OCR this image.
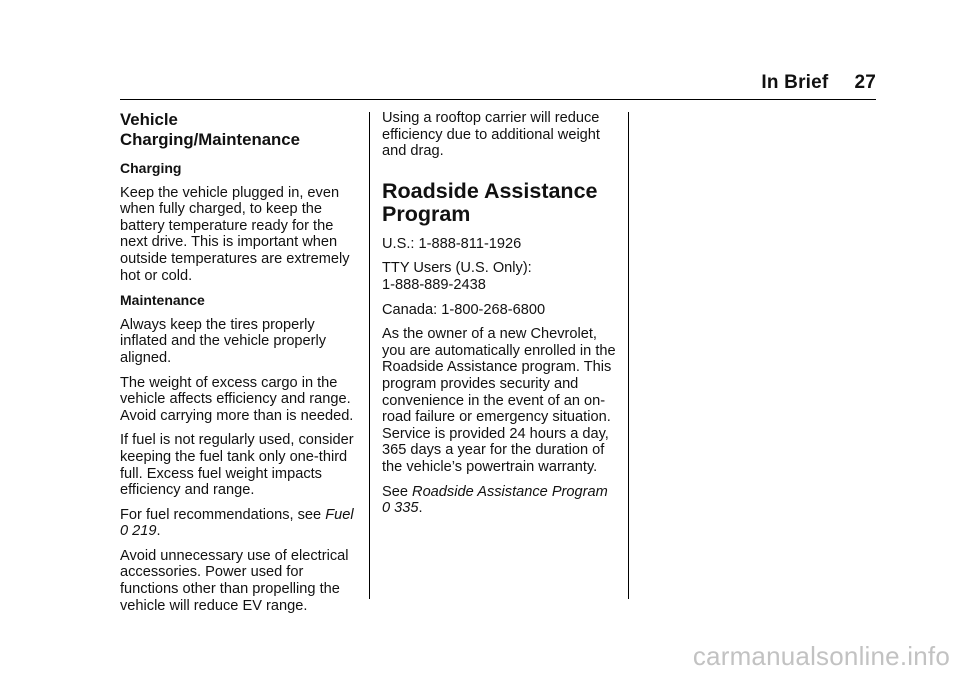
In Brief 27
Vehicle Charging/Maintenance
Charging

Keep the vehicle plugged in, even when fully charged, to keep the battery temperature ready for the next drive. This is important when outside temperatures are extremely hot or cold.

Maintenance

Always keep the tires properly inflated and the vehicle properly aligned.

The weight of excess cargo in the vehicle affects efficiency and range. Avoid carrying more than is needed.

If fuel is not regularly used, consider keeping the fuel tank only one-third full. Excess fuel weight impacts efficiency and range.

For fuel recommendations, see Fuel
0 219.

Avoid unnecessary use of electrical accessories. Power used for functions other than propelling the vehicle will reduce EV range.

Using a rooftop carrier will reduce efficiency due to additional weight and drag.

Roadside Assistance Program

U.S.: 1-888-811-1926

TTY Users (U.S. Only):
1-888-889-2438

Canada: 1-800-268-6800

As the owner of a new Chevrolet, you are automatically enrolled in the Roadside Assistance program. This program provides security and convenience in the event of an on-road failure or emergency situation. Service is provided 24 hours a day, 365 days a year for the duration of the vehicle’s powertrain warranty.

See Roadside Assistance Program
0 335.

carmanualsonline.info
